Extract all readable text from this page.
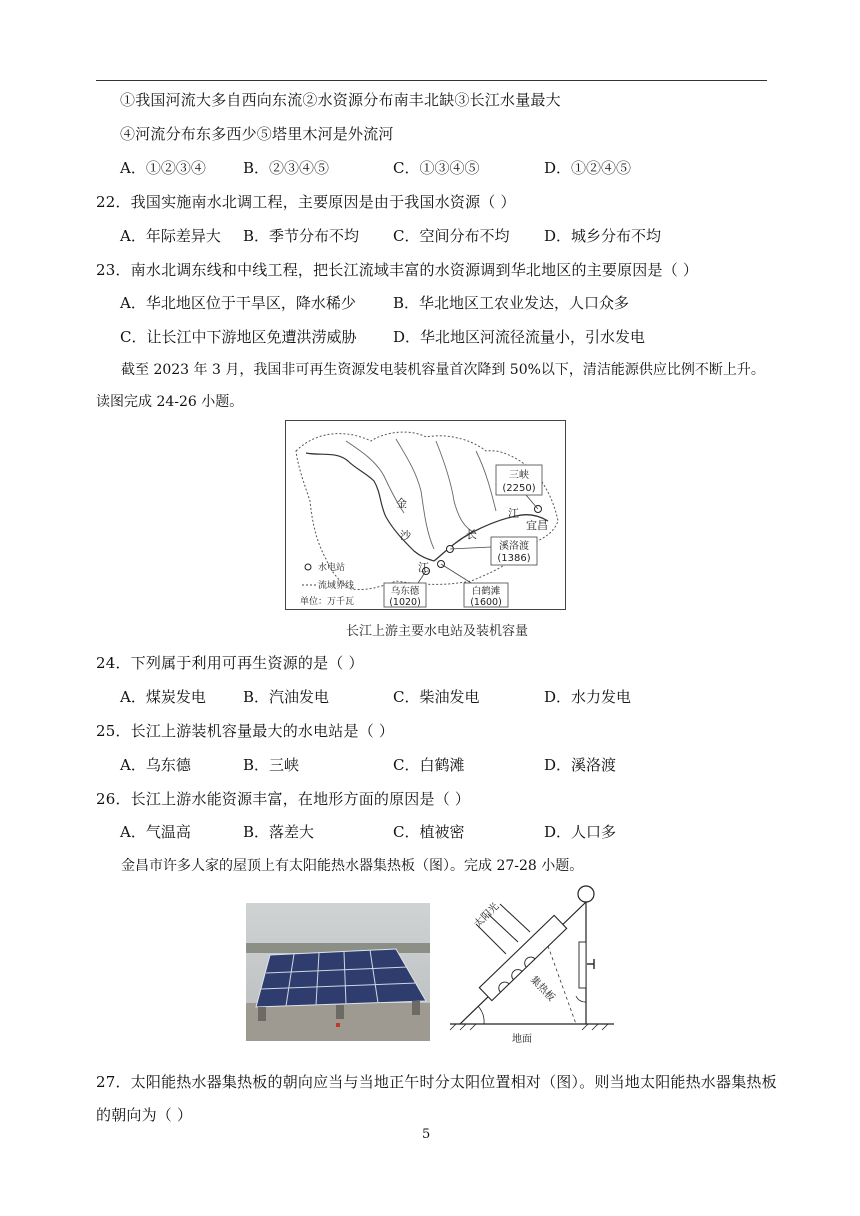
①我国河流大多自西向东流②水资源分布南丰北缺③长江水量最大
④河流分布东多西少⑤塔里木河是外流河
A．①②③④ B．②③④⑤	C．①③④⑤	D．①②④⑤
22．我国实施南水北调工程，主要原因是由于我国水资源（ ）
A．年际差异大 B．季节分布不均 C．空间分布不均 D．城乡分布不均
23．南水北调东线和中线工程，把长江流域丰富的水资源调到华北地区的主要原因是（ ）
A．华北地区位于干旱区，降水稀少 B．华北地区工农业发达，人口众多
C．让长江中下游地区免遭洪涝威胁 D．华北地区河流径流量小，引水发电
截至 2023 年 3 月，我国非可再生资源发电装机容量首次降到 50%以下，清洁能源供应比例不断上升。读图完成 24-26 小题。
三峡
(2250)
溪洛渡
(1386)
乌东德
(1020)
白鹤滩
(1600)
金
沙
江
长
江
宜昌
水电站
流域界线
单位：万千瓦
长江上游主要水电站及装机容量
24．下列属于利用可再生资源的是（ ）
A．煤炭发电 B．汽油发电	C．柴油发电	D．水力发电
25．长江上游装机容量最大的水电站是（ ）
A．乌东德	B．三峡	C．白鹤滩	D．溪洛渡
26．长江上游水能资源丰富，在地形方面的原因是（ ）
A．气温高	B．落差大	C．植被密	D．人口多
金昌市许多人家的屋顶上有太阳能热水器集热板（图）。完成 27-28 小题。
太阳光
集热板
地面
27．太阳能热水器集热板的朝向应当与当地正午时分太阳位置相对（图）。则当地太阳能热水器集热板
的朝向为（ ）
5
